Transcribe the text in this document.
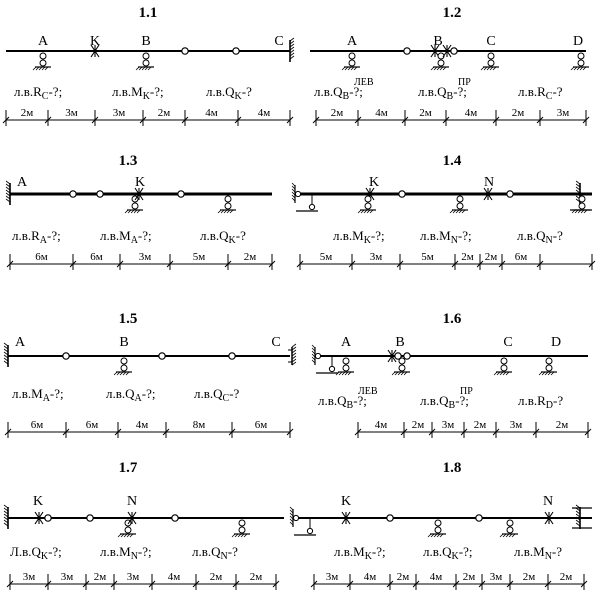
1.1
A	K	B	C
$л.в.R_C-$?;	$л.в.M_K-$?;	$л.в.Q_K-$?
2м	3м	3м	2м	4м	4м
1.2
A	B	C	D
$л.в.Q_B-$?;
ЛЕВ
$л.в.Q_B-$?;
ПР
$л.в.R_C-$?
2м	4м	2м	4м	2м	3м
1.3
A	K
$л.в.R_A-$?;	$л.в.M_A-$?;	$л.в.Q_K-$?
6м	6м	3м	5м	2м
1.4
K	N
$л.в.M_K-$?;	$л.в.M_N-$?;	$л.в.Q_N-$?
5м	3м	5м	2м 2м 6м
1.5
A	B	C
$л.в.M_A-$?;	$л.в.Q_A-$?;	$л.в.Q_C-$?
6м	6м	4м	8м	6м
1.6
A	B	C	D
$л.в.Q_B-$?;
ЛЕВ
$л.в.Q_B-$?;
ПР
$л.в.R_D-$?
4м 2м 3м 2м 3м	2м
1.7
K	N
$Л.в.Q_K-$?;	$л.в.M_N-$?;	$л.в.Q_N-$?
3м 3м 2м 3м	4м	2м	2м
1.8
K	N
$л.в.M_K-$?;	$л.в.Q_K-$?;	$л.в.M_N-$?
3м 4м 2м 4м 2м 3м 2м 2м
